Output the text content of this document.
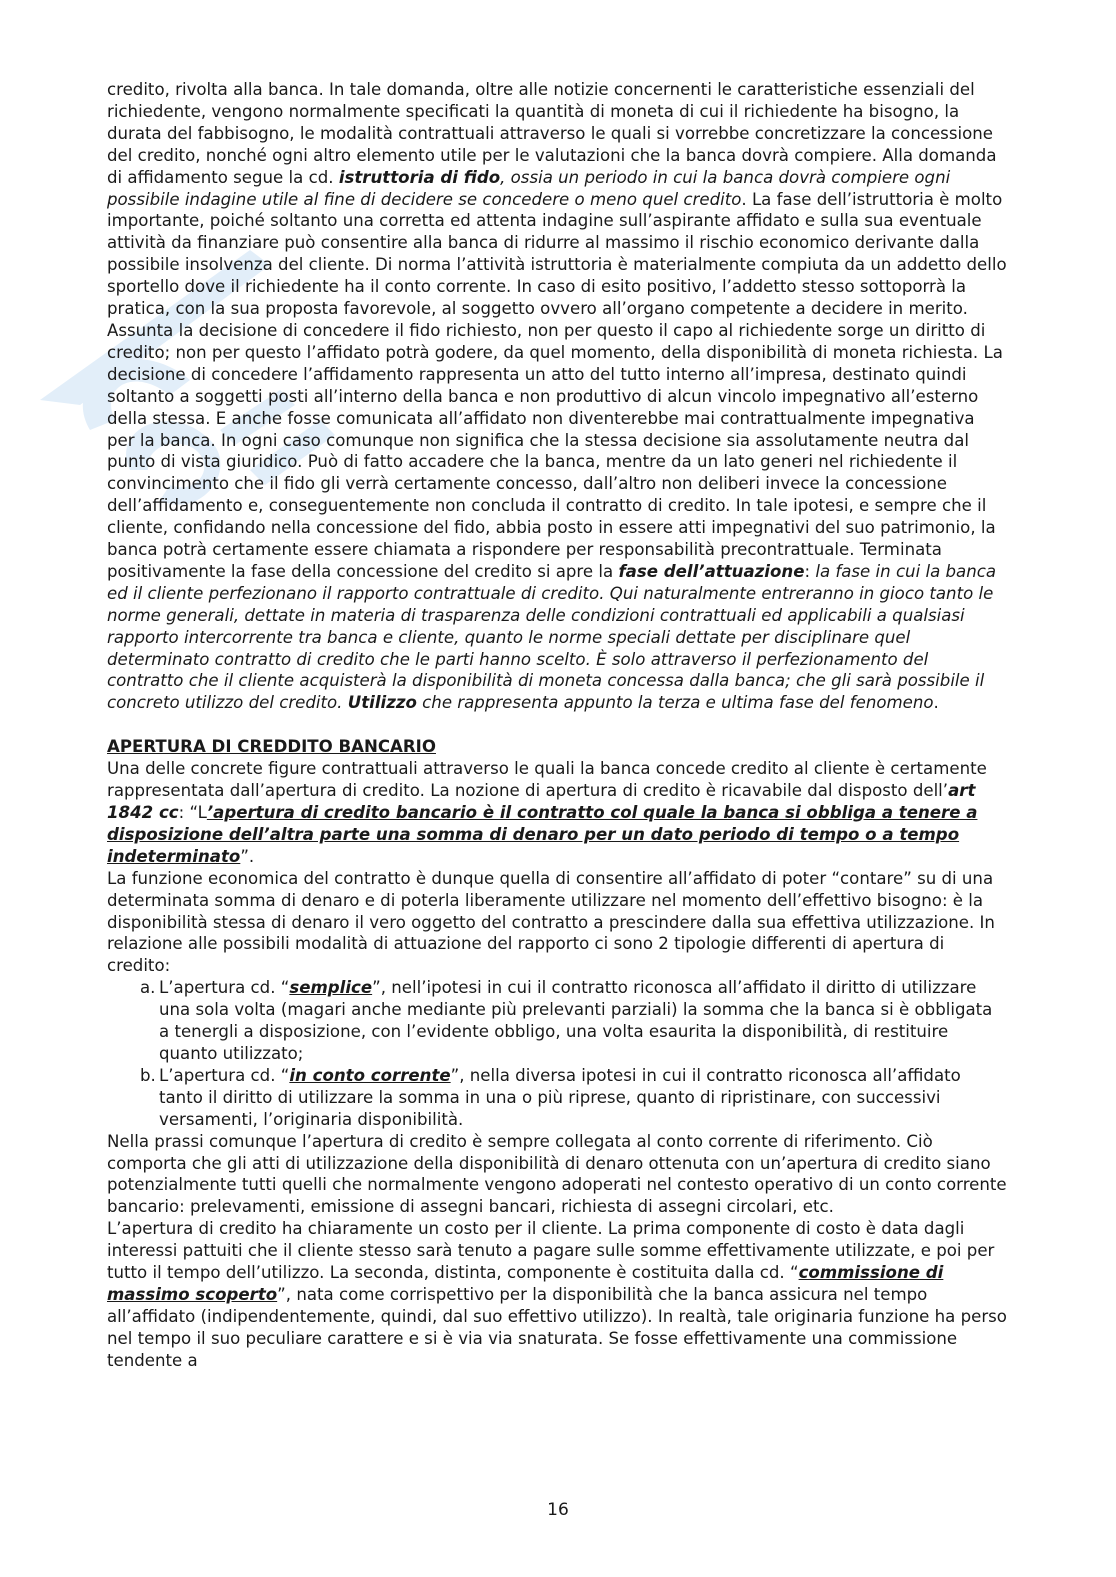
credito, rivolta alla banca. In tale domanda, oltre alle notizie concernenti le caratteristiche essenziali del richiedente, vengono normalmente specificati la quantità di moneta di cui il richiedente ha bisogno, la durata del fabbisogno, le modalità contrattuali attraverso le quali si vorrebbe concretizzare la concessione del credito, nonché ogni altro elemento utile per le valutazioni che la banca dovrà compiere. Alla domanda di affidamento segue la cd. istruttoria di fido, ossia un periodo in cui la banca dovrà compiere ogni possibile indagine utile al fine di decidere se concedere o meno quel credito. La fase dell’istruttoria è molto importante, poiché soltanto una corretta ed attenta indagine sull’aspirante affidato e sulla sua eventuale attività da finanziare può consentire alla banca di ridurre al massimo il rischio economico derivante dalla possibile insolvenza del cliente. Di norma l’attività istruttoria è materialmente compiuta da un addetto dello sportello dove il richiedente ha il conto corrente. In caso di esito positivo, l’addetto stesso sottoporrà la pratica, con la sua proposta favorevole, al soggetto ovvero all’organo competente a decidere in merito. Assunta la decisione di concedere il fido richiesto, non per questo il capo al richiedente sorge un diritto di credito; non per questo l’affidato potrà godere, da quel momento, della disponibilità di moneta richiesta. La decisione di concedere l’affidamento rappresenta un atto del tutto interno all’impresa, destinato quindi soltanto a soggetti posti all’interno della banca e non produttivo di alcun vincolo impegnativo all’esterno della stessa. E anche fosse comunicata all’affidato non diventerebbe mai contrattualmente impegnativa per la banca. In ogni caso comunque non significa che la stessa decisione sia assolutamente neutra dal punto di vista giuridico. Può di fatto accadere che la banca, mentre da un lato generi nel richiedente il convincimento che il fido gli verrà certamente concesso, dall’altro non deliberi invece la concessione dell’affidamento e, conseguentemente non concluda il contratto di credito. In tale ipotesi, e sempre che il cliente, confidando nella concessione del fido, abbia posto in essere atti impegnativi del suo patrimonio, la banca potrà certamente essere chiamata a rispondere per responsabilità precontrattuale. Terminata positivamente la fase della concessione del credito si apre la fase dell’attuazione: la fase in cui la banca ed il cliente perfezionano il rapporto contrattuale di credito. Qui naturalmente entreranno in gioco tanto le norme generali, dettate in materia di trasparenza delle condizioni contrattuali ed applicabili a qualsiasi rapporto intercorrente tra banca e cliente, quanto le norme speciali dettate per disciplinare quel determinato contratto di credito che le parti hanno scelto. È solo attraverso il perfezionamento del contratto che il cliente acquisterà la disponibilità di moneta concessa dalla banca; che gli sarà possibile il concreto utilizzo del credito. Utilizzo che rappresenta appunto la terza e ultima fase del fenomeno.

APERTURA DI CREDDITO BANCARIO

Una delle concrete figure contrattuali attraverso le quali la banca concede credito al cliente è certamente rappresentata dall’apertura di credito. La nozione di apertura di credito è ricavabile dal disposto dell’art 1842 cc: “L’apertura di credito bancario è il contratto col quale la banca si obbliga a tenere a disposizione dell’altra parte una somma di denaro per un dato periodo di tempo o a tempo indeterminato”.

La funzione economica del contratto è dunque quella di consentire all’affidato di poter “contare” su di una determinata somma di denaro e di poterla liberamente utilizzare nel momento dell’effettivo bisogno: è la disponibilità stessa di denaro il vero oggetto del contratto a prescindere dalla sua effettiva utilizzazione. In relazione alle possibili modalità di attuazione del rapporto ci sono 2 tipologie differenti di apertura di credito:

a. L’apertura cd. “semplice”, nell’ipotesi in cui il contratto riconosca all’affidato il diritto di utilizzare una sola volta (magari anche mediante più prelevanti parziali) la somma che la banca si è obbligata a tenergli a disposizione, con l’evidente obbligo, una volta esaurita la disponibilità, di restituire quanto utilizzato;
b. L’apertura cd. “in conto corrente”, nella diversa ipotesi in cui il contratto riconosca all’affidato tanto il diritto di utilizzare la somma in una o più riprese, quanto di ripristinare, con successivi versamenti, l’originaria disponibilità.

Nella prassi comunque l’apertura di credito è sempre collegata al conto corrente di riferimento. Ciò comporta che gli atti di utilizzazione della disponibilità di denaro ottenuta con un’apertura di credito siano potenzialmente tutti quelli che normalmente vengono adoperati nel contesto operativo di un conto corrente bancario: prelevamenti, emissione di assegni bancari, richiesta di assegni circolari, etc.

L’apertura di credito ha chiaramente un costo per il cliente. La prima componente di costo è data dagli interessi pattuiti che il cliente stesso sarà tenuto a pagare sulle somme effettivamente utilizzate, e poi per tutto il tempo dell’utilizzo. La seconda, distinta, componente è costituita dalla cd. “commissione di massimo scoperto”, nata come corrispettivo per la disponibilità che la banca assicura nel tempo all’affidato (indipendentemente, quindi, dal suo effettivo utilizzo). In realtà, tale originaria funzione ha perso nel tempo il suo peculiare carattere e si è via via snaturata. Se fosse effettivamente una commissione tendente a

16
